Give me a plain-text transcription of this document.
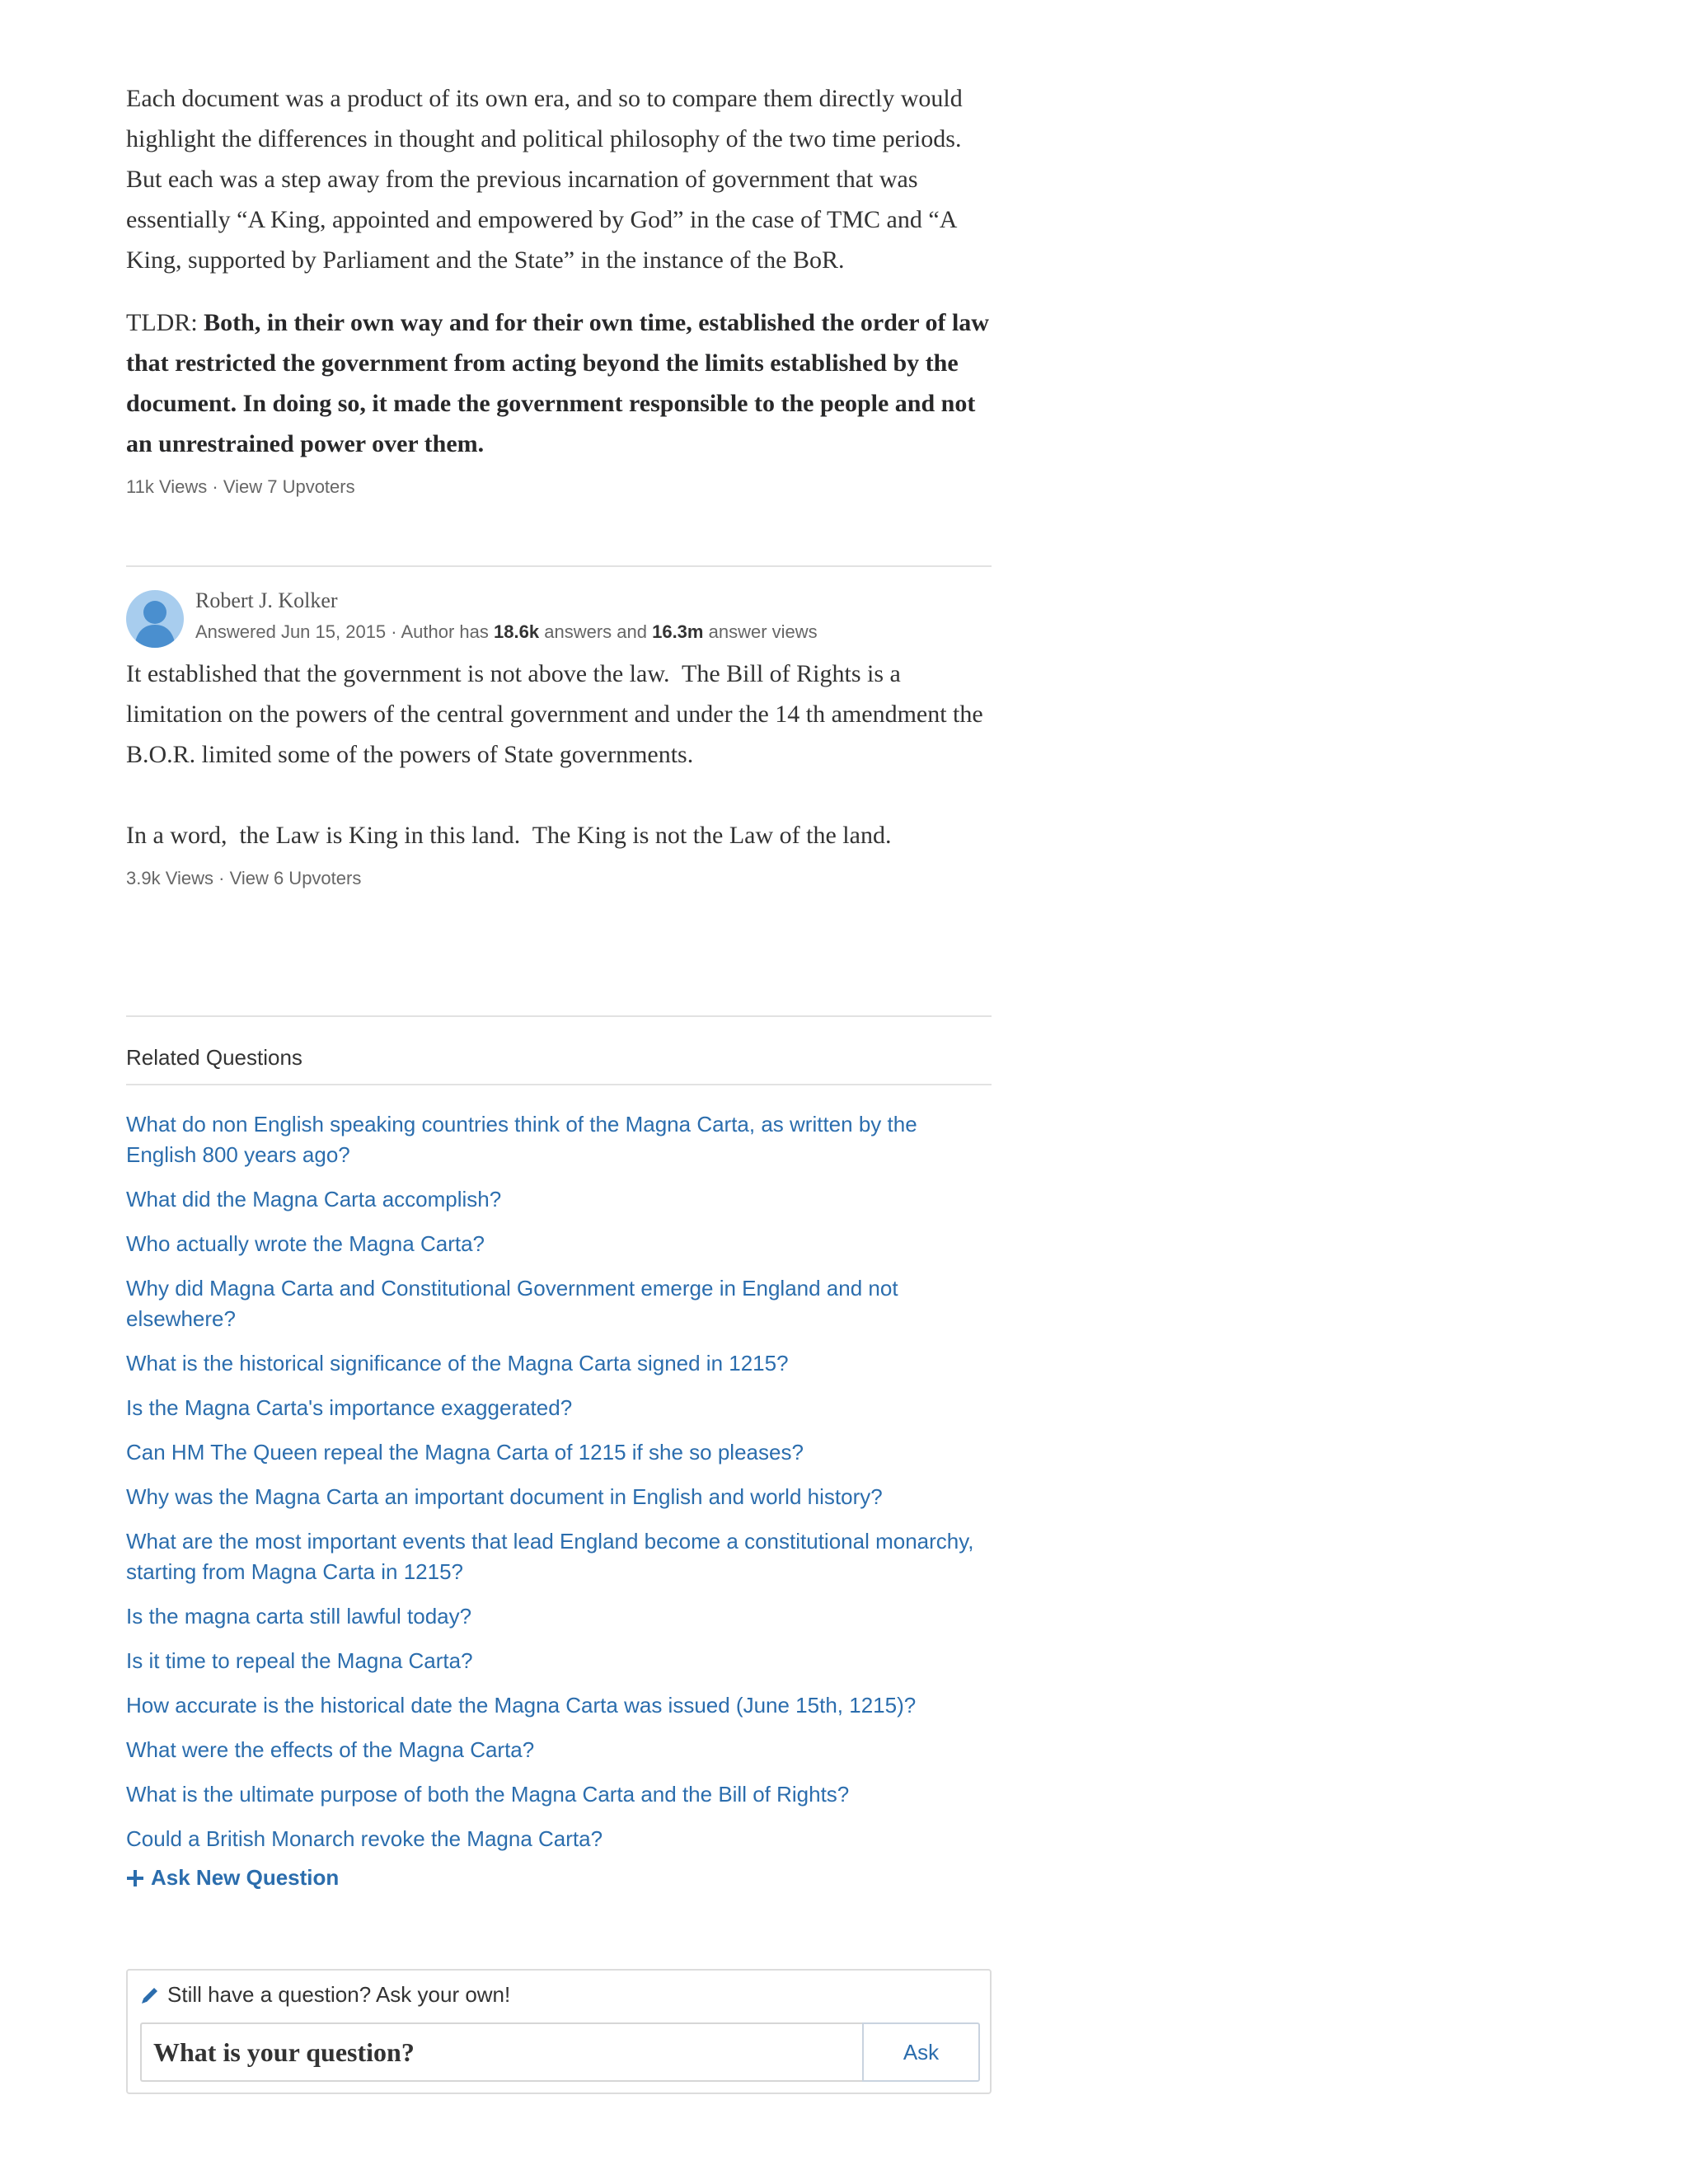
Each document was a product of its own era, and so to compare them directly would highlight the differences in thought and political philosophy of the two time periods. But each was a step away from the previous incarnation of government that was essentially “A King, appointed and empowered by God” in the case of TMC and “A King, supported by Parliament and the State” in the instance of the BoR.

TLDR: Both, in their own way and for their own time, established the order of law that restricted the government from acting beyond the limits established by the document. In doing so, it made the government responsible to the people and not an unrestrained power over them.

11k Views · View 7 Upvoters
Robert J. Kolker
Answered Jun 15, 2015 · Author has 18.6k answers and 16.3m answer views

It established that the government is not above the law.  The Bill of Rights is a limitation on the powers of the central government and under the 14 th amendment the B.O.R. limited some of the powers of State governments.

In a word,  the Law is King in this land.  The King is not the Law of the land.

3.9k Views · View 6 Upvoters
Related Questions
What do non English speaking countries think of the Magna Carta, as written by the English 800 years ago?
What did the Magna Carta accomplish?
Who actually wrote the Magna Carta?
Why did Magna Carta and Constitutional Government emerge in England and not elsewhere?
What is the historical significance of the Magna Carta signed in 1215?
Is the Magna Carta's importance exaggerated?
Can HM The Queen repeal the Magna Carta of 1215 if she so pleases?
Why was the Magna Carta an important document in English and world history?
What are the most important events that lead England become a constitutional monarchy, starting from Magna Carta in 1215?
Is the magna carta still lawful today?
Is it time to repeal the Magna Carta?
How accurate is the historical date the Magna Carta was issued (June 15th, 1215)?
What were the effects of the Magna Carta?
What is the ultimate purpose of both the Magna Carta and the Bill of Rights?
Could a British Monarch revoke the Magna Carta?
Ask New Question
Still have a question? Ask your own!
What is your question?
Ask
